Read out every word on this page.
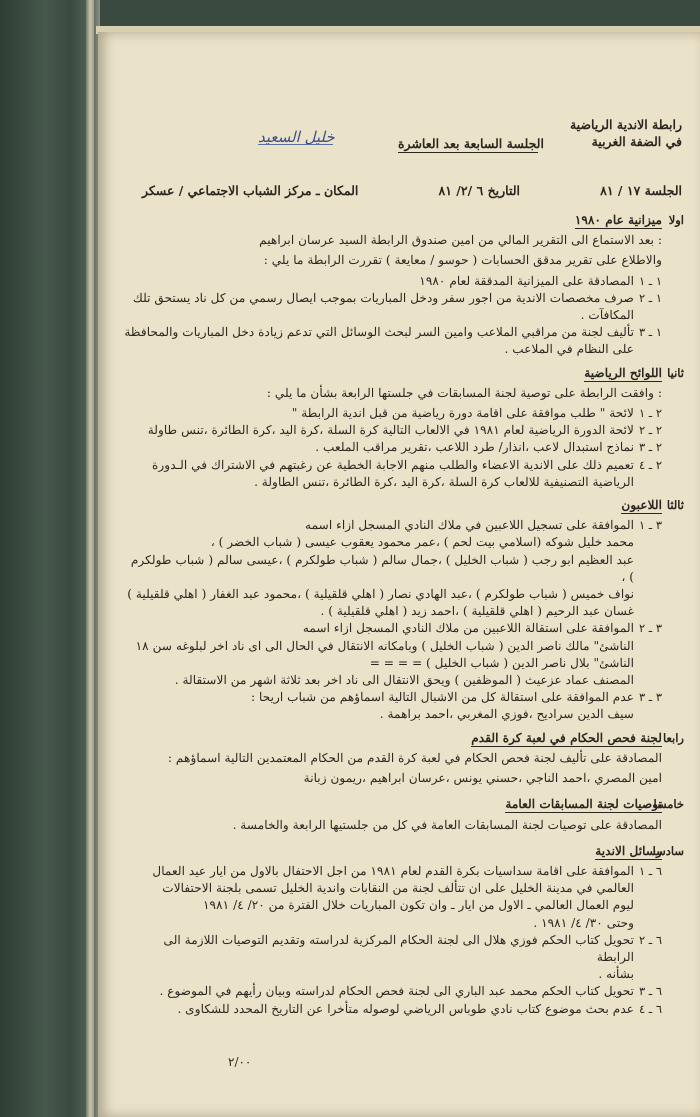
خليل السعيد
رابطة الاندية الرياضية
في الضفة الغربية
الجلسة السابعة بعد العاشرة
الجلسة ١٧ / ٨١
التاريخ ٦ /٢/ ٨١
المكان ـ مركز الشباب الاجتماعي / عسكر
اولا
ميزانية عام ١٩٨٠
: بعد الاستماع الى التقرير المالي من امين صندوق الرابطة السيد عرسان ابراهيم
والاطلاع على تقرير مدقق الحسابات ( حوسو / معايعة ) تقررت الرابطة ما يلي :
١ ـ ١
المصادقة على الميزانية المدققة لعام ١٩٨٠
١ ـ ٢
صرف مخصصات الاندية من اجور سفر ودخل المباريات بموجب ايصال رسمي من كل ناد يستحق تلك
المكافآت .
١ ـ ٣
تأليف لجنة من مراقبي الملاعب وامين السر لبحث الوسائل التي تدعم زيادة دخل المباريات والمحافظة
على النظام في الملاعب .
ثانيا
اللوائح الرياضية
: وافقت الرابطة على توصية لجنة المسابقات في جلستها الرابعة بشأن ما يلي :
٢ ـ ١
لائحة " طلب موافقة على اقامة دورة رياضية من قبل اندية الرابطة "
٢ ـ ٢
لائحة الدورة الرياضية لعام ١٩٨١ في الالعاب التالية كرة السلة ،كرة اليد ،كرة الطائرة ،تنس طاولة
٢ ـ ٣
نماذج استبدال لاعب ،انذار/ طرد اللاعب ،تقرير مراقب الملعب .
٢ ـ ٤
تعميم ذلك على الاندية الاعضاء والطلب منهم الاجابة الخطية عن رغبتهم في الاشتراك في الـدورة
الرياضية التصنيفية للالعاب كرة السلة ،كرة اليد ،كرة الطائرة ،تنس الطاولة .
ثالثا
اللاعبون
٣ ـ ١
الموافقة على تسجيل اللاعبين في ملاك النادي المسجل ازاء اسمه
محمد خليل شوكه (اسلامي بيت لحم ) ،عمر محمود يعقوب عيسى ( شباب الخضر ) ،
عبد العظيم ابو رجب ( شباب الخليل ) ،جمال سالم ( شباب طولكرم ) ،عيسى سالم ( شباب طولكرم ) ،
نواف خميس ( شباب طولكرم ) ،عبد الهادي نصار ( اهلي قلقيلية ) ،محمود عبد الغفار ( اهلي قلقيلية )
غسان عبد الرحيم ( اهلي قلقيلية ) ،احمد زيد ( اهلي قلقيلية ) .
٣ ـ ٢
الموافقة على استقالة اللاعبين من ملاك النادي المسجل ازاء اسمه
الناشئ" مالك ناصر الدين ( شباب الخليل ) وبامكانه الانتقال في الحال الى اى ناد اخر لبلوغه سن ١٨
الناشئ" بلال ناصر الدين ( شباب الخليل ) = = = =
المصنف عماد عزعيث ( الموظفين ) ويحق الانتقال الى ناد اخر بعد ثلاثة اشهر من الاستقالة .
٣ ـ ٣
عدم الموافقة على استقالة كل من الاشبال التالية اسماؤهم من شباب اريحا :
سيف الدين سراديح ،فوزي المغربي ،احمد براهمة .
رابعا
لجنة فحص الحكام في لعبة كرة القدم
المصادقة على تأليف لجنة فحص الحكام في لعبة كرة القدم من الحكام المعتمدين التالية اسماؤهم :
امين المصري ،احمد الناجي ،حسني يونس ،عرسان ابراهيم ،ريمون زبانة
خامسا
توصيات لجنة المسابقات العامة
المصادقة على توصيات لجنة المسابقات العامة في كل من جلستيها الرابعة والخامسة .
سادسا
رسائل الاندية
٦ ـ ١
الموافقة على اقامة سداسيات بكرة القدم لعام ١٩٨١ من اجل الاحتفال بالاول من ايار عيد العمال
العالمي في مدينة الخليل على ان تتألف لجنة من النقابات واندية الخليل تسمى بلجنة الاحتفالات
ليوم العمال العالمي ـ الاول من ايار ـ وان تكون المباريات خلال الفترة من ٢٠/ ٤/ ١٩٨١
وحتى ٣٠/ ٤/ ١٩٨١ .
٦ ـ ٢
تحويل كتاب الحكم فوزي هلال الى لجنة الحكام المركزية لدراسته وتقديم التوصيات اللازمة الى الرابطة
بشأنه .
٦ ـ ٣
تحويل كتاب الحكم محمد عبد الباري الى لجنة فحص الحكام لدراسته وبيان رأيهم في الموضوع .
٦ ـ ٤
عدم بحث موضوع كتاب نادي طوباس الرياضي لوصوله متأخرا عن التاريخ المحدد للشكاوى .
٢/٠٠
